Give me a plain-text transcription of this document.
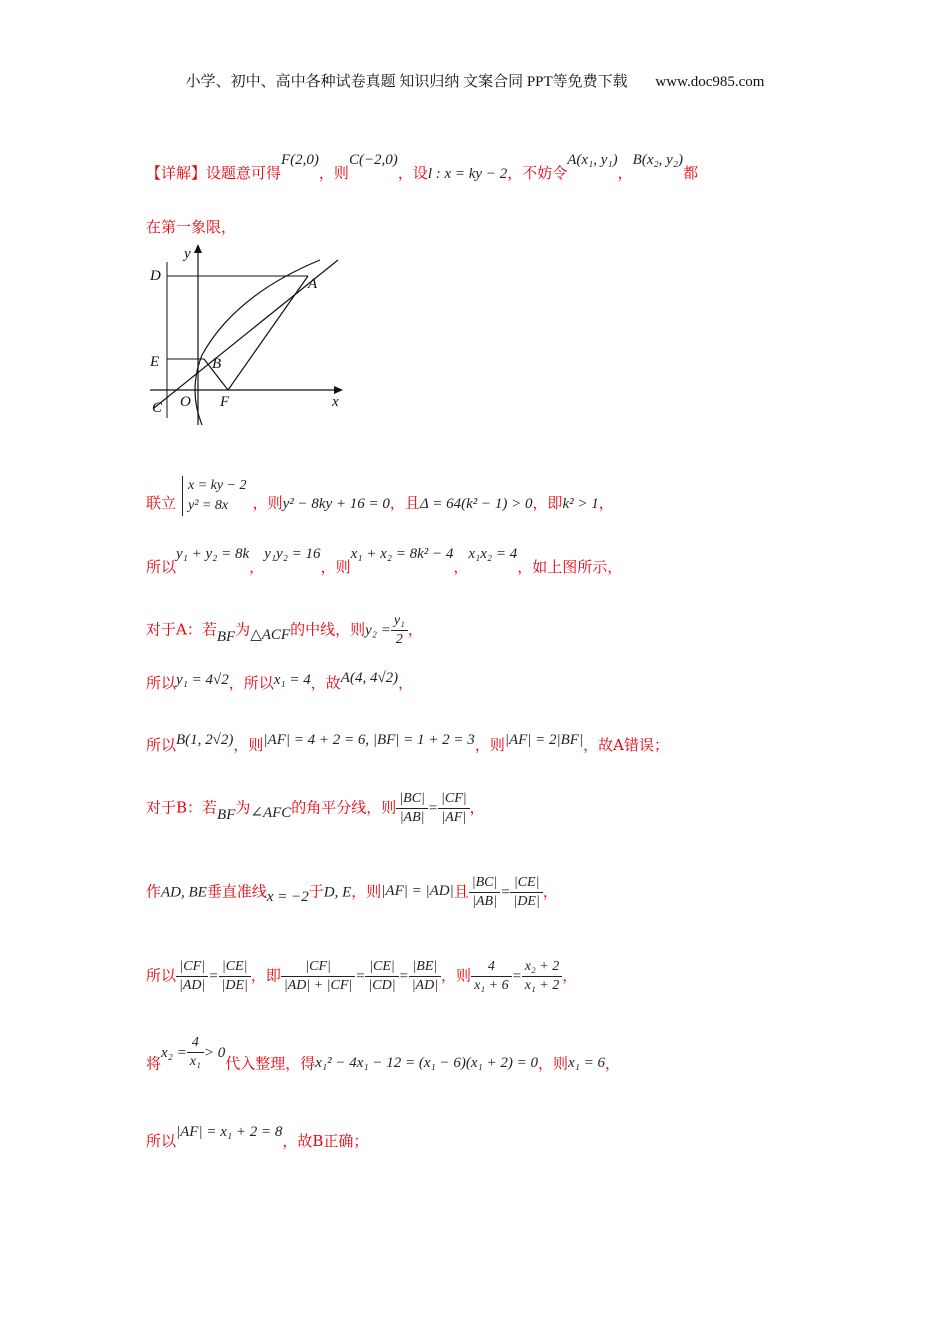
小学、初中、高中各种试卷真题 知识归纳 文案合同 PPT等免费下载 www.doc985.com
【详解】设题意可得F(2,0)，则C(−2,0)，设l : x = ky − 2，不妨令A(x₁, y₁)，B(x₂, y₂)都
在第一象限，
y
x
D	A
E	B
C O F
联立
x = ky − 2
y² = 8x	，则y² − 8ky + 16 = 0，且Δ = 64(k² − 1) > 0，即k² > 1，
所以y₁ + y₂ = 8k，y₁y₂ = 16，则x₁ + x₂ = 8k² − 4，x₁x₂ = 4，如上图所示，
对于A：若BF为△ACF的中线，则$y_2 = \frac{\text{y₁}}{2}$ ，
所以y₁ = 4√2，所以x₁ = 4，故A(4, 4√2)，
所以B(1, 2√2)，则|AF| = 4 + 2 = 6, |BF| = 1 + 2 = 3，则|AF| = 2|BF|，故A错误；
对于B：若BF为∠AFC的角平分线，则 $\frac{|BC|}{|AB|} = \frac{|CF|}{|AF|}$ ，
作AD, BE垂直准线x = −2于D, E，则|AF| = |AD|且 $\frac{|BC|}{|AB|} = \frac{|CE|}{|DE|}$ ，
所以 $\frac{|CF|}{|AD|} = \frac{|CE|}{|DE|}$ ，即 $\frac{|CF|}{|AD| + |CF|} = \frac{|CE|}{|CD|} = \frac{|BE|}{|AD|}$ ，则 $\frac{4}{\text{x₁ + 6}} = \frac{\text{x₂ + 2}}{\text{x₁ + 2}}$ ，
将$x_2 = \frac{4}{\text{x₁}} > 0$代入整理，得x₁² − 4x₁ − 12 = (x₁ − 6)(x₁ + 2) = 0，则x₁ = 6，
所以|AF| = x₁ + 2 = 8，故B正确；
